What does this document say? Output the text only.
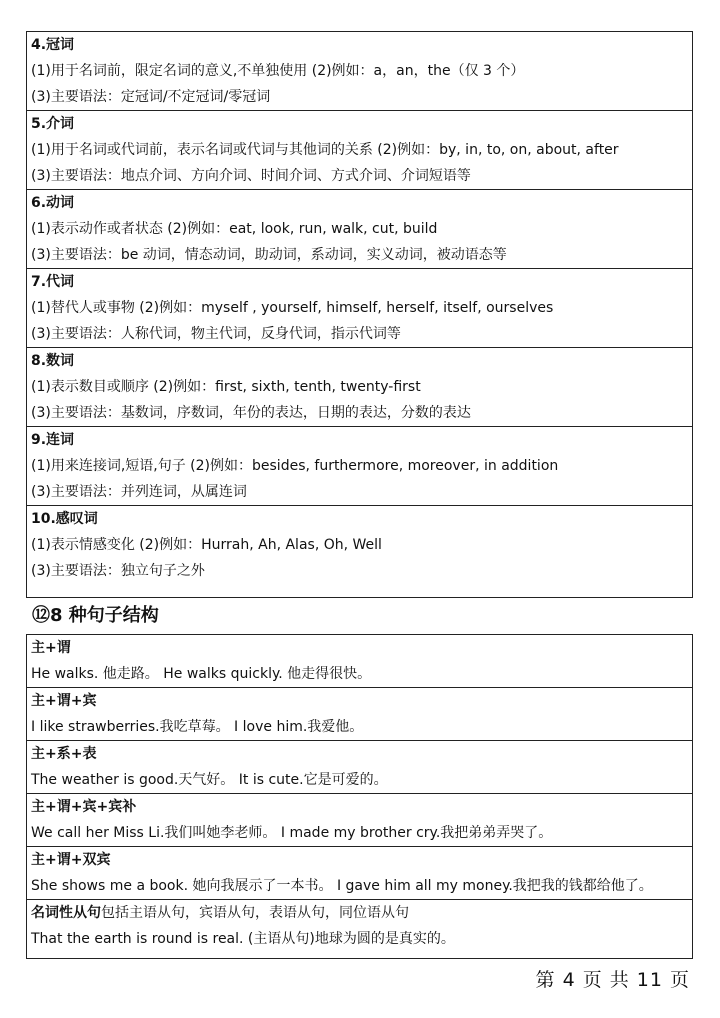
4.冠词
(1)用于名词前，限定名词的意义,不单独使用 (2)例如：a，an，the（仅 3 个）
(3)主要语法：定冠词/不定冠词/零冠词
5.介词
(1)用于名词或代词前，表示名词或代词与其他词的关系 (2)例如：by, in, to, on, about, after
(3)主要语法：地点介词、方向介词、时间介词、方式介词、介词短语等
6.动词
(1)表示动作或者状态 (2)例如：eat, look, run, walk, cut, build
(3)主要语法：be 动词，情态动词，助动词，系动词，实义动词，被动语态等
7.代词
(1)替代人或事物 (2)例如：myself , yourself, himself, herself, itself, ourselves
(3)主要语法：人称代词，物主代词，反身代词，指示代词等
8.数词
(1)表示数目或顺序 (2)例如：first, sixth, tenth, twenty-first
(3)主要语法：基数词，序数词，年份的表达，日期的表达，分数的表达
9.连词
(1)用来连接词,短语,句子 (2)例如：besides, furthermore, moreover, in addition
(3)主要语法：并列连词，从属连词
10.感叹词
(1)表示情感变化 (2)例如：Hurrah, Ah, Alas, Oh, Well
(3)主要语法：独立句子之外
⑫8 种句子结构
主+谓
He walks. 他走路。 He walks quickly. 他走得很快。
主+谓+宾
I like strawberries.我吃草莓。 I love him.我爱他。
主+系+表
The weather is good.天气好。 It is cute.它是可爱的。
主+谓+宾+宾补
We call her Miss Li.我们叫她李老师。 I made my brother cry.我把弟弟弄哭了。
主+谓+双宾
She shows me a book. 她向我展示了一本书。 I gave him all my money.我把我的钱都给他了。
名词性从句包括主语从句，宾语从句，表语从句，同位语从句
That the earth is round is real. (主语从句)地球为圆的是真实的。
第 4 页 共 11 页
